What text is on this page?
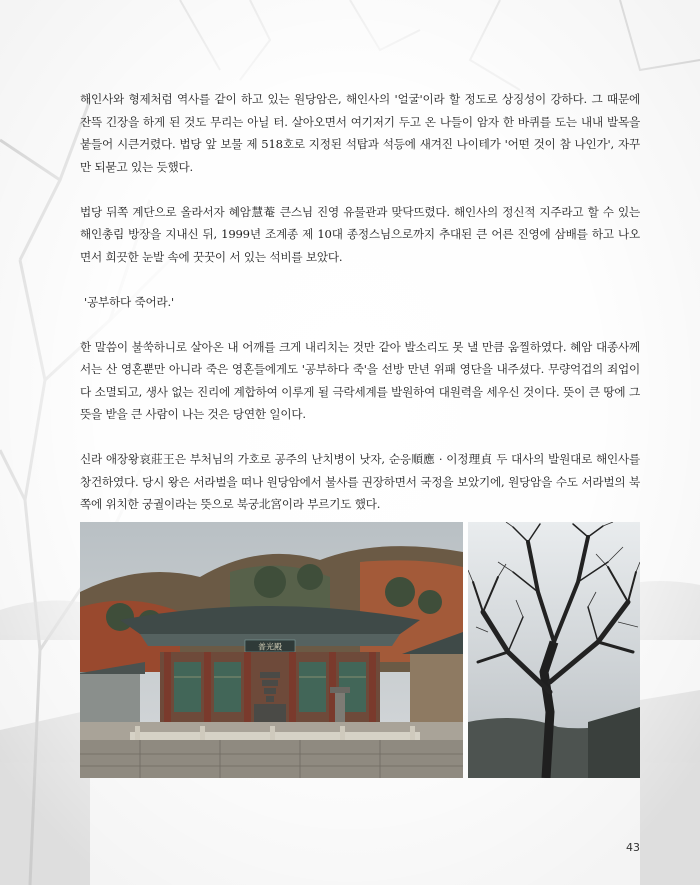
해인사와 형제처럼 역사를 같이 하고 있는 원당암은, 해인사의 '얼굴'이라 할 정도로 상징성이 강하다. 그 때문에 잔뜩 긴장을 하게 된 것도 무리는 아닐 터. 살아오면서 여기저기 두고 온 나들이 암자 한 바퀴를 도는 내내 발목을 붙들어 시큰거렸다. 법당 앞 보물 제 518호로 지정된 석탑과 석등에 새겨진 나이테가 '어떤 것이 참 나인가', 자꾸만 되묻고 있는 듯했다.

법당 뒤쪽 계단으로 올라서자 혜암慧菴 큰스님 진영 유물관과 맞닥뜨렸다. 해인사의 정신적 지주라고 할 수 있는 해인총림 방장을 지내신 뒤, 1999년 조계종 제 10대 종정스님으로까지 추대된 큰 어른 진영에 삼배를 하고 나오면서 희끗한 눈발 속에 꿋꿋이 서 있는 석비를 보았다.

'공부하다 죽어라.'

한 말씀이 불쑥하니로 살아온 내 어깨를 크게 내리치는 것만 같아 발소리도 못 낼 만큼 움찔하였다. 혜암 대종사께서는 산 영혼뿐만 아니라 죽은 영혼들에게도 '공부하다 죽'을 선방 만년 위패 영단을 내주셨다. 무량억겁의 죄업이 다 소멸되고, 생사 없는 진리에 계합하여 이루게 될 극락세계를 발원하여 대원력을 세우신 것이다. 뜻이 큰 땅에 그 뜻을 받을 큰 사람이 나는 것은 당연한 일이다.

신라 애장왕哀莊王은 부처님의 가호로 공주의 난치병이 낫자, 순응順應 · 이정理貞 두 대사의 발원대로 해인사를 창건하였다. 당시 왕은 서라벌을 떠나 원당암에서 불사를 권장하면서 국정을 보았기에, 원당암을 수도 서라벌의 북쪽에 위치한 궁궐이라는 뜻으로 북궁北宮이라 부르기도 했다.

普光殿
43
